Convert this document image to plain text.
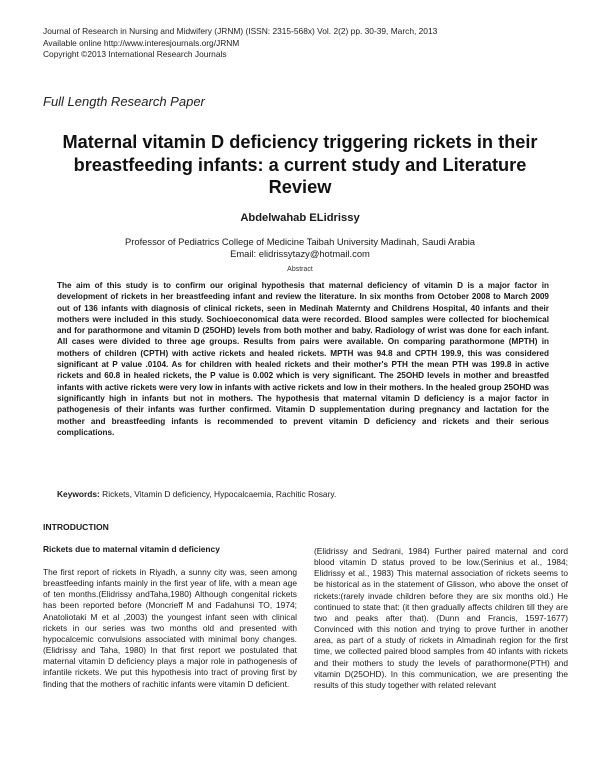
Journal of Research in Nursing and Midwifery (JRNM) (ISSN: 2315-568x) Vol. 2(2) pp. 30-39, March, 2013
Available online http://www.interesjournals.org/JRNM
Copyright ©2013 International Research Journals
Full Length Research Paper
Maternal vitamin D deficiency triggering rickets in their breastfeeding infants: a current study and Literature Review
Abdelwahab ELidrissy
Professor of Pediatrics College of Medicine Taibah University Madinah, Saudi Arabia
Email: elidrissytazy@hotmail.com
Abstract

The aim of this study is to confirm our original hypothesis that maternal deficiency of vitamin D is a major factor in development of rickets in her breastfeeding infant and review the literature. In six months from October 2008 to March 2009 out of 136 infants with diagnosis of clinical rickets, seen in Medinah Maternty and Childrens Hospital, 40 infants and their mothers were included in this study. Sochioeconomical data were recorded. Blood samples were collected for biochemical and for parathormone and vitamin D (25OHD) levels from both mother and baby. Radiology of wrist was done for each infant. All cases were divided to three age groups. Results from pairs were available. On comparing parathormone (MPTH) in mothers of children (CPTH) with active rickets and healed rickets. MPTH was 94.8 and CPTH 199.9, this was considered significant at P value .0104. As for children with healed rickets and their mother's PTH the mean PTH was 199.8 in active rickets and 60.8 in healed rickets, the P value is 0.002 which is very significant. The 25OHD levels in mother and breastfed infants with active rickets were very low in infants with active rickets and low in their mothers. In the healed group 25OHD was significantly high in infants but not in mothers. The hypothesis that maternal vitamin D deficiency is a major factor in pathogenesis of their infants was further confirmed. Vitamin D supplementation during pregnancy and lactation for the mother and breastfeeding infants is recommended to prevent vitamin D deficiency and rickets and their serious complications.

Keywords: Rickets, Vitamin D deficiency, Hypocalcaemia, Rachitic Rosary.
INTRODUCTION
Rickets due to maternal vitamin d deficiency

The first report of rickets in Riyadh, a sunny city was, seen among breastfeeding infants mainly in the first year of life, with a mean age of ten months.(Elidrissy andTaha,1980) Although congenital rickets has been reported before (Moncrieff M and Fadahunsi TO, 1974; Anatoliotaki M et al ,2003) the youngest infant seen with clinical rickets in our series was two months old and presented with hypocalcemic convulsions associated with minimal bony changes. (Elidrissy and Taha, 1980) In that first report we postulated that maternal vitamin D deficiency plays a major role in pathogenesis of infantile rickets. We put this hypothesis into tract of proving first by finding that the mothers of rachitic infants were vitamin D deficient.

(Elidrissy and Sedrani, 1984) Further paired maternal and cord blood vitamin D status proved to be low.(Serinius et al., 1984; Elidrissy et al., 1983) This maternal association of rickets seems to be historical as in the statement of Glisson, who above the onset of rickets:(rarely invade children before they are six months old.) He continued to state that: (it then gradually affects children till they are two and peaks after that). (Dunn and Francis, 1597-1677) Convinced with this notion and trying to prove further in another area, as part of a study of rickets in Almadinah region for the first time, we collected paired blood samples from 40 infants with rickets and their mothers to study the levels of parathormone(PTH) and vitamin D(25OHD). In this communication, we are presenting the results of this study together with related relevant
